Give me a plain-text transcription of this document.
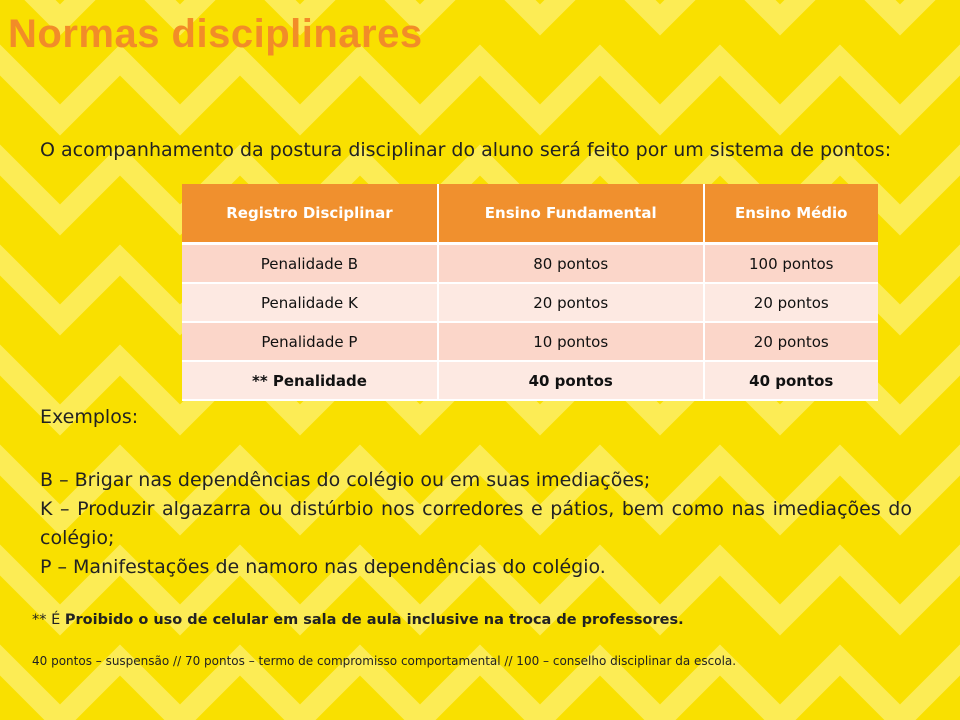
Normas disciplinares
O acompanhamento da postura disciplinar do aluno será feito por um sistema de pontos:
Registro Disciplinar	Ensino Fundamental	Ensino Médio
Penalidade B	80 pontos	100 pontos
Penalidade K	20 pontos	20 pontos
Penalidade P	10 pontos	20 pontos
** Penalidade	40 pontos	40 pontos
Exemplos:

B – Brigar nas dependências do colégio ou em suas imediações;

K – Produzir algazarra ou distúrbio nos corredores e pátios, bem como nas imediações do colégio;

P – Manifestações de namoro nas dependências do colégio.

** É Proibido o uso de celular em sala de aula inclusive na troca de professores.
40 pontos – suspensão // 70 pontos – termo de compromisso comportamental // 100 – conselho disciplinar da escola.
